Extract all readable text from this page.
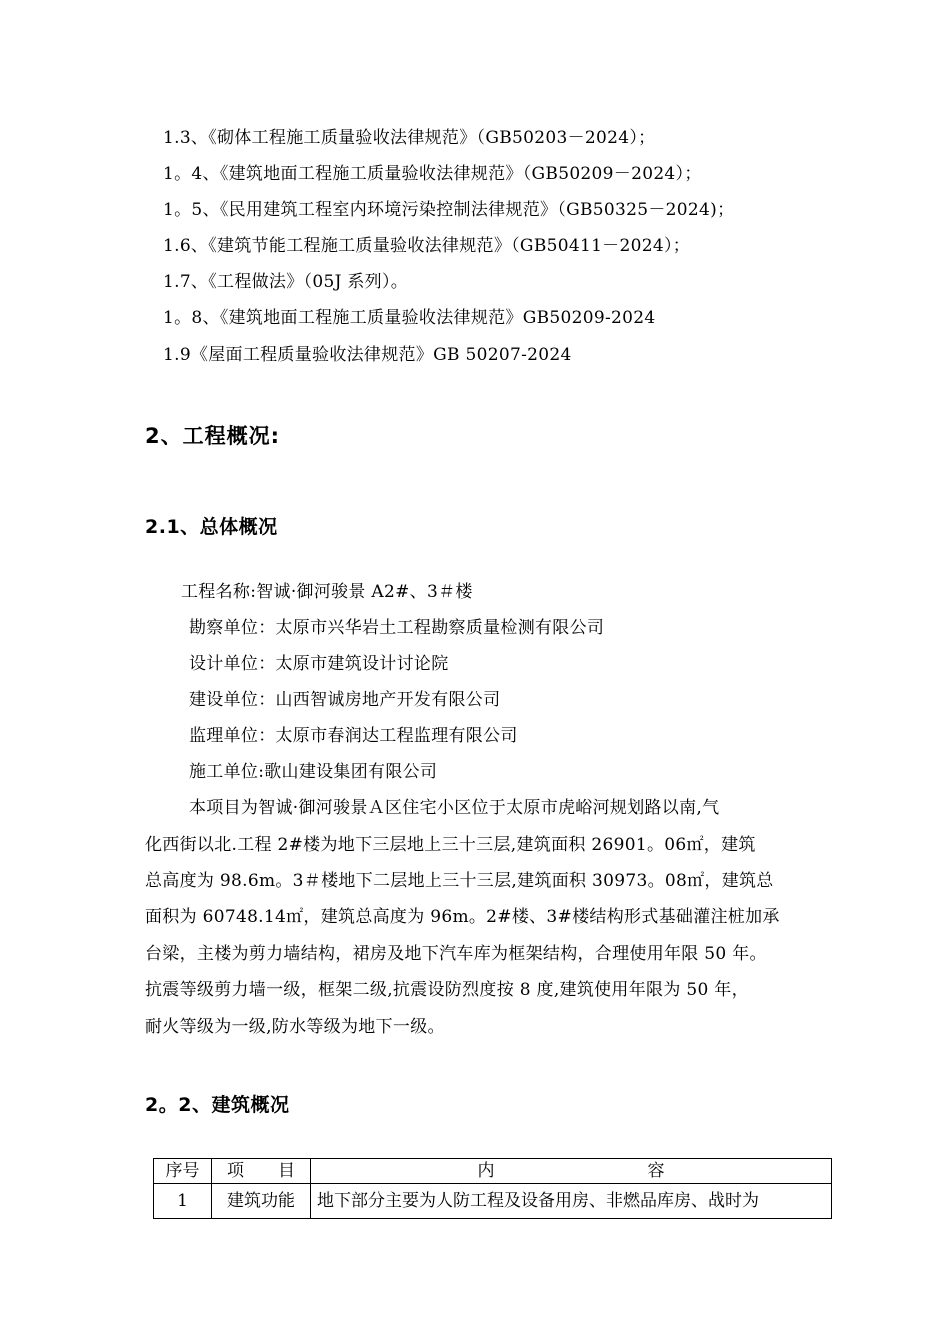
1.3、《砌体工程施工质量验收法律规范》（GB50203－2024）；
1。4、《建筑地面工程施工质量验收法律规范》（GB50209－2024）；
1。5、《民用建筑工程室内环境污染控制法律规范》（GB50325－2024)；
1.6、《建筑节能工程施工质量验收法律规范》（GB50411－2024）；
1.7、《工程做法》（05J 系列）。
1。8、《建筑地面工程施工质量验收法律规范》GB50209-2024
1.9《屋面工程质量验收法律规范》GB 50207-2024
2、工程概况:
2.1、总体概况
工程名称:智诚·御河骏景 A2#、3＃楼
勘察单位：太原市兴华岩土工程勘察质量检测有限公司
设计单位：太原市建筑设计讨论院
建设单位：山西智诚房地产开发有限公司
监理单位：太原市春润达工程监理有限公司
施工单位:歌山建设集团有限公司
本项目为智诚·御河骏景Ａ区住宅小区位于太原市虎峪河规划路以南,气
化西街以北.工程 2#楼为地下三层地上三十三层,建筑面积 26901。06㎡，建筑
总高度为 98.6m。3＃楼地下二层地上三十三层,建筑面积 30973。08㎡，建筑总
面积为 60748.14㎡，建筑总高度为 96m。2#楼、3#楼结构形式基础灌注桩加承
台梁，主楼为剪力墙结构，裙房及地下汽车库为框架结构，合理使用年限 50 年。
抗震等级剪力墙一级，框架二级,抗震设防烈度按 8 度,建筑使用年限为 50 年，
耐火等级为一级,防水等级为地下一级。
2。2、建筑概况
序号	项　　目	内　　　　　　　　　容
1	建筑功能	地下部分主要为人防工程及设备用房、非燃品库房、战时为
